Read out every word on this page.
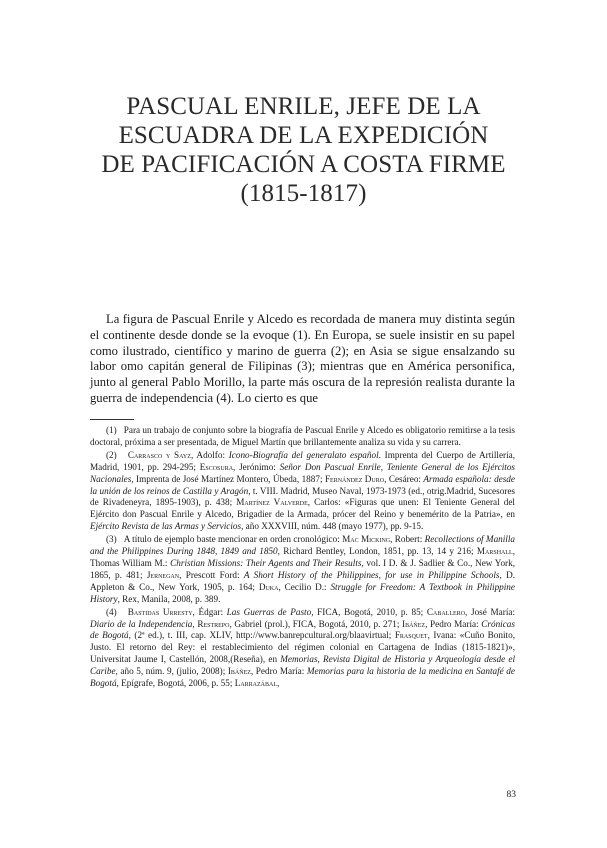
PASCUAL ENRILE, JEFE DE LA
ESCUADRA DE LA EXPEDICIÓN
DE PACIFICACIÓN A COSTA FIRME
(1815-1817)

La figura de Pascual Enrile y Alcedo es recordada de manera muy distinta según el continente desde donde se la evoque (1). En Europa, se suele insistir en su papel como ilustrado, científico y marino de guerra (2); en Asia se sigue ensalzando su labor omo capitán general de Filipinas (3); mientras que en América personifica, junto al general Pablo Morillo, la parte más oscura de la represión realista durante la guerra de independencia (4). Lo cierto es que

(1) Para un trabajo de conjunto sobre la biografía de Pascual Enrile y Alcedo es obligatorio remitirse a la tesis doctoral, próxima a ser presentada, de Miguel Martín que brillantemente analiza su vida y su carrera.

(2) Carrasco y Sayz, Adolfo: Icono-Biografía del generalato español. Imprenta del Cuerpo de Artillería, Madrid, 1901, pp. 294-295; Escosura, Jerónimo: Señor Don Pascual Enrile, Teniente General de los Ejércitos Nacionales, Imprenta de José Martínez Montero, Úbeda, 1887; Fernández Duro, Cesáreo: Armada española: desde la unión de los reinos de Castilla y Aragón, t. VIII. Madrid, Museo Naval, 1973-1973 (ed., otrig.Madrid, Sucesores de Rivadeneyra, 1895-1903), p. 438; Martínez Valverde, Carlos: «Figuras que unen: El Teniente General del Ejército don Pascual Enrile y Alcedo, Brigadier de la Armada, prócer del Reino y benemérito de la Patria», en Ejército Revista de las Armas y Servicios, año XXXVIII, núm. 448 (mayo 1977), pp. 9-15.

(3) A título de ejemplo baste mencionar en orden cronológico: Mac Micking, Robert: Recollections of Manilla and the Philippines During 1848, 1849 and 1850, Richard Bentley, London, 1851, pp. 13, 14 y 216; Marshall, Thomas William M.: Christian Missions: Their Agents and Their Results, vol. I D. & J. Sadlier & Co., New York, 1865, p. 481; Jernegan, Prescott Ford: A Short History of the Philippines, for use in Philippine Schools, D. Appleton & Co., New York, 1905, p. 164; Duka, Cecilio D.: Struggle for Freedom: A Textbook in Philippine History, Rex, Manila, 2008, p. 389.

(4) Bastidas Urresty, Édgar: Las Guerras de Pasto, FICA, Bogotá, 2010, p. 85; Caballero, José María: Diario de la Independencia, Restrepo, Gabriel (prol.), FICA, Bogotá, 2010, p. 271; Ibáñez, Pedro María: Crónicas de Bogotá, (2ª ed.), t. III, cap. XLIV, http://www.banrepcultural.org/blaavirtual; Frasquet, Ivana: «Cuño Bonito, Justo. El retorno del Rey: el restablecimiento del régimen colonial en Cartagena de Indias (1815-1821)», Universitat Jaume I, Castellón, 2008,(Reseña), en Memorias, Revista Digital de Historia y Arqueología desde el Caribe, año 5, núm. 9, (julio, 2008); Ibáñez, Pedro María: Memorias para la historia de la medicina en Santafé de Bogotá, Epígrafe, Bogotá, 2006, p. 55; Larrazábal,

83
